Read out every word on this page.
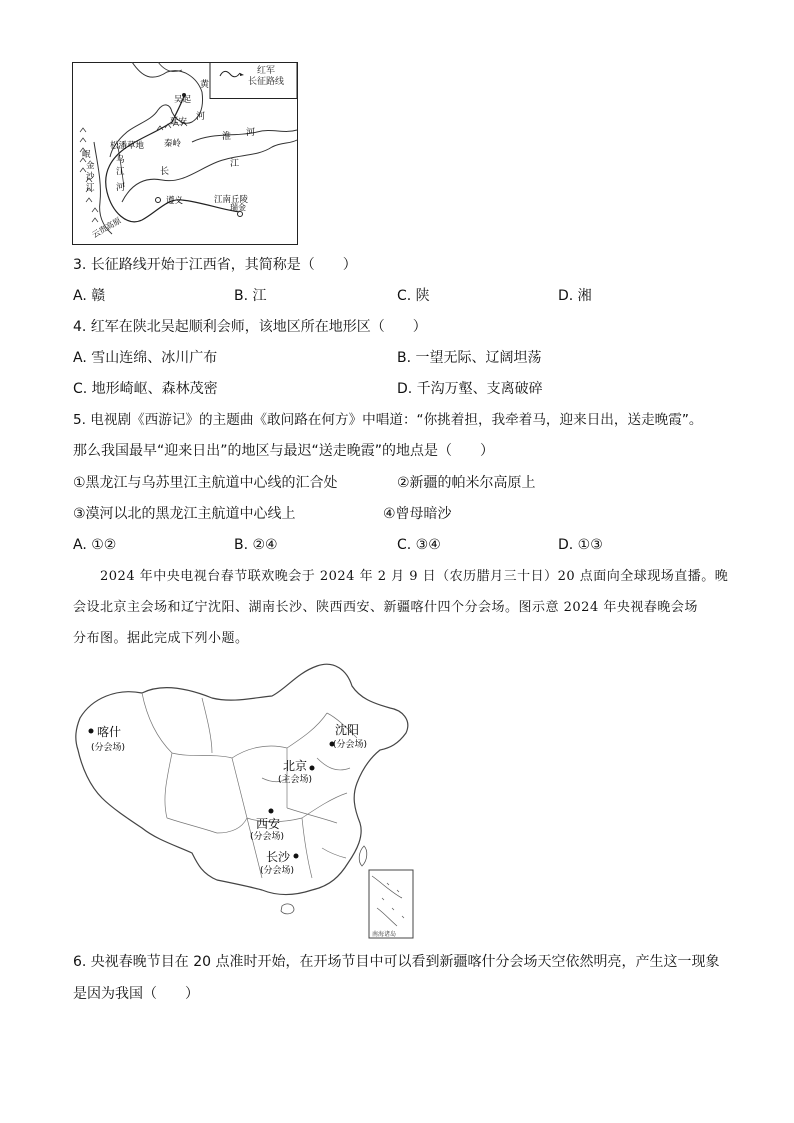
红军
长征路线
黄
吴起
河
延安
淮 河
松潘草地 秦岭
岷	乌
金
江
沙	长
江
河
江
遵义	江南丘陵
瑞金
云贵高原
3. 长征路线开始于江西省，其简称是（　　）
A. 赣	B. 江	C. 陕	D. 湘
4. 红军在陕北吴起顺利会师，该地区所在地形区（　　）
A. 雪山连绵、冰川广布	B. 一望无际、辽阔坦荡
C. 地形崎岖、森林茂密	D. 千沟万壑、支离破碎
5. 电视剧《西游记》的主题曲《敢问路在何方》中唱道：“你挑着担，我牵着马，迎来日出，送走晚霞”。
那么我国最早“迎来日出”的地区与最迟“送走晚霞”的地点是（　　）
①黑龙江与乌苏里江主航道中心线的汇合处	②新疆的帕米尔高原上
③漠河以北的黑龙江主航道中心线上	④曾母暗沙
A. ①②	B. ②④	C. ③④	D. ①③
2024 年中央电视台春节联欢晚会于 2024 年 2 月 9 日（农历腊月三十日）20 点面向全球现场直播。晚
会设北京主会场和辽宁沈阳、湖南长沙、陕西西安、新疆喀什四个分会场。图示意 2024 年央视春晚会场
分布图。据此完成下列小题。
南海诸岛
喀什
(分会场)
沈阳
(分会场)
北京
(主会场)
西安
(分会场)
长沙
(分会场)
6. 央视春晚节目在 20 点准时开始，在开场节目中可以看到新疆喀什分会场天空依然明亮，产生这一现象
是因为我国（　　）
